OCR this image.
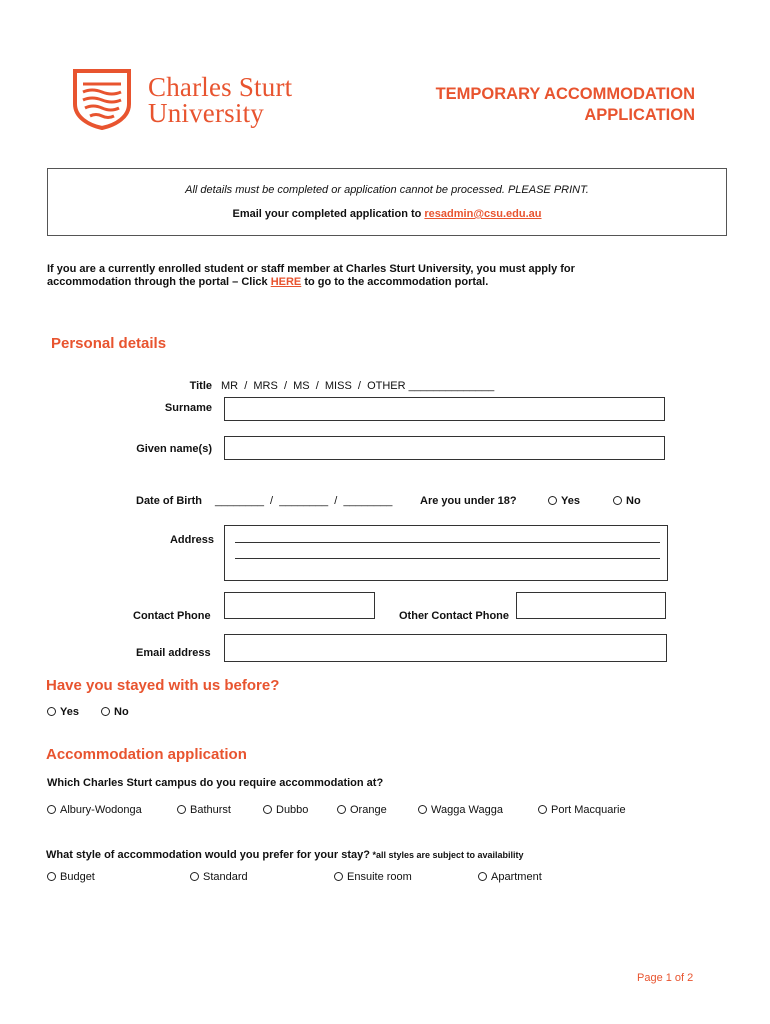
Charles Sturt
University
TEMPORARY ACCOMMODATION
APPLICATION
All details must be completed or application cannot be processed. PLEASE PRINT.
Email your completed application to resadmin@csu.edu.au
If you are a currently enrolled student or staff member at Charles Sturt University, you must apply for
accommodation through the portal – Click HERE to go to the accommodation portal.
Personal details
Title MR  /  MRS  /  MS  /  MISS  /  OTHER ______________
Surname
Given name(s)
Date of Birth ________  /  ________  /  ________	Are you under 18?	Yes	No
Address
Contact Phone	Other Contact Phone
Email address
Have you stayed with us before?
Yes	No
Accommodation application
Which Charles Sturt campus do you require accommodation at?
Albury-Wodonga	Bathurst	Dubbo	Orange	Wagga Wagga	Port Macquarie
What style of accommodation would you prefer for your stay? *all styles are subject to availability
Budget	Standard	Ensuite room	Apartment
Page 1 of 2
